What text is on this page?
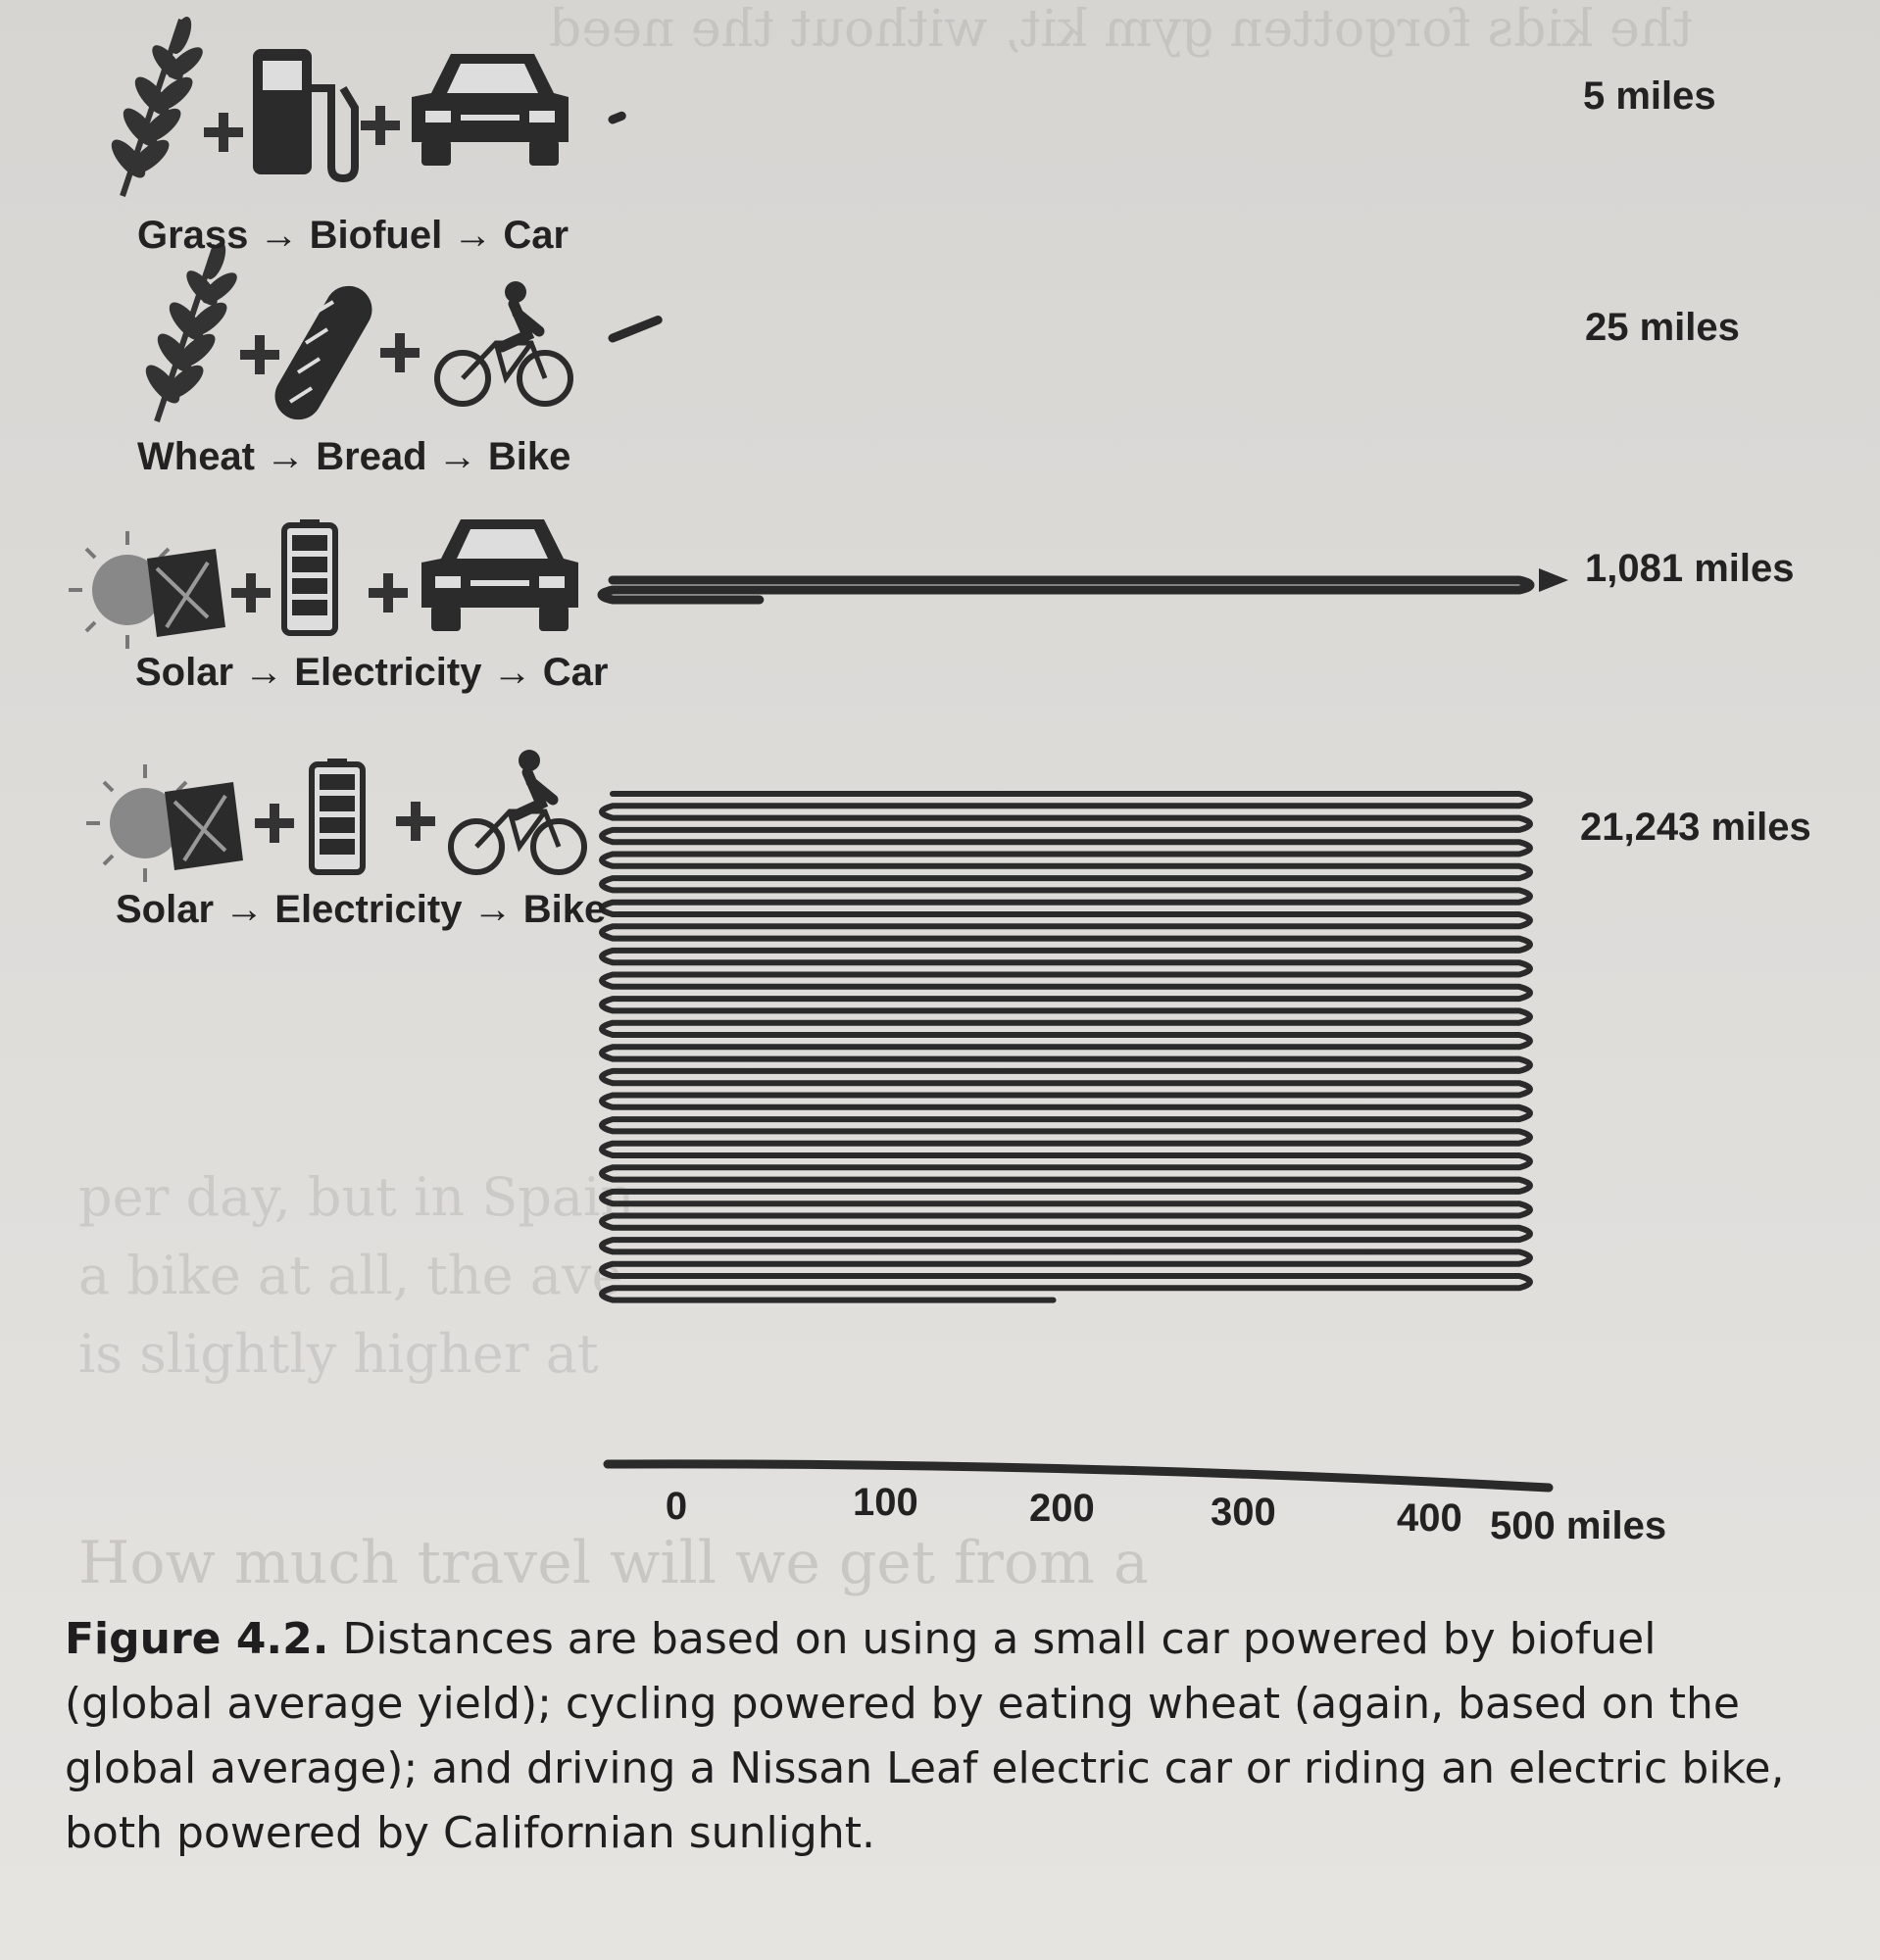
the kids forgotten gym kit, without the need
How much travel will we get from a
per day, but in Spain
a bike at all, the ave
is slightly higher at
0	100	200	300	400 500 miles
Grass → Biofuel → Car
Wheat → Bread → Bike
Solar → Electricity → Car
Solar → Electricity → Bike
5 miles
25 miles
1,081 miles
21,243 miles
Figure 4.2. Distances are based on using a small car powered by biofuel (global average yield); cycling powered by eating wheat (again, based on the global average); and driving a Nissan Leaf electric car or riding an electric bike, both powered by Californian sunlight.
